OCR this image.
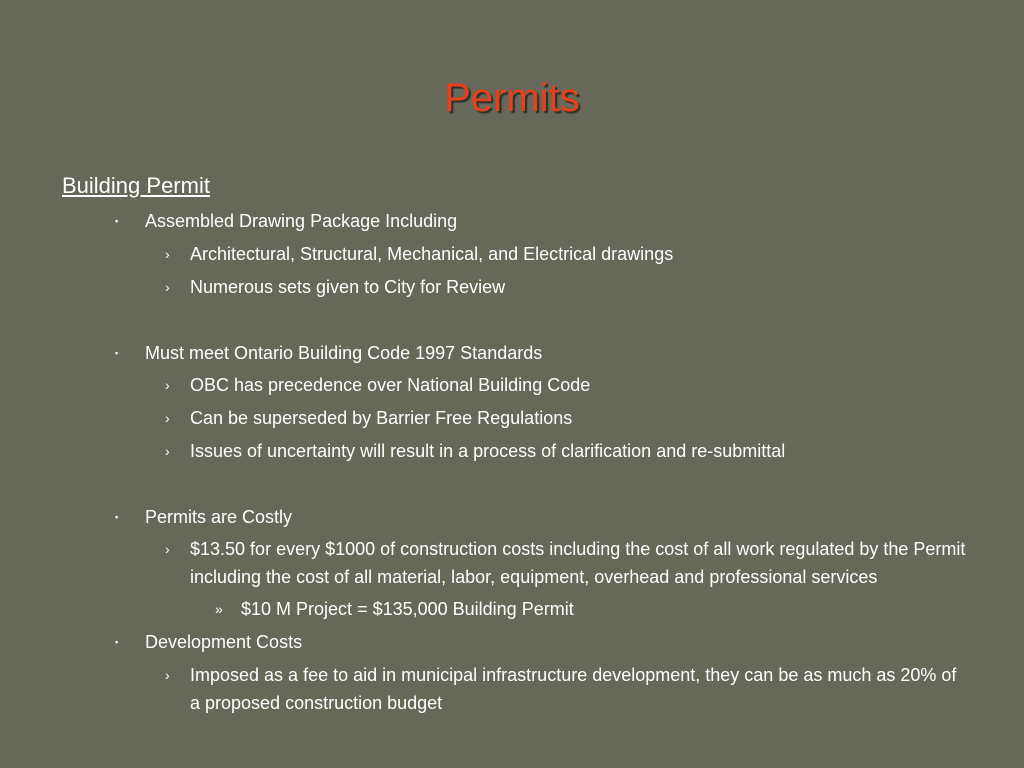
Permits
Building Permit
▪ Assembled Drawing Package Including
› Architectural, Structural, Mechanical, and Electrical drawings
› Numerous sets given to City for Review
▪ Must meet Ontario Building Code 1997 Standards
› OBC has precedence over National Building Code
› Can be superseded by Barrier Free Regulations
› Issues of uncertainty will result in a process of clarification and re-submittal
▪ Permits are Costly
› $13.50 for every $1000 of construction costs including the cost of all work regulated by the Permit including the cost of all material, labor, equipment, overhead and professional services
» $10 M Project = $135,000 Building Permit
▪ Development Costs
› Imposed as a fee to aid in municipal infrastructure development, they can be as much as 20% of a proposed construction budget
